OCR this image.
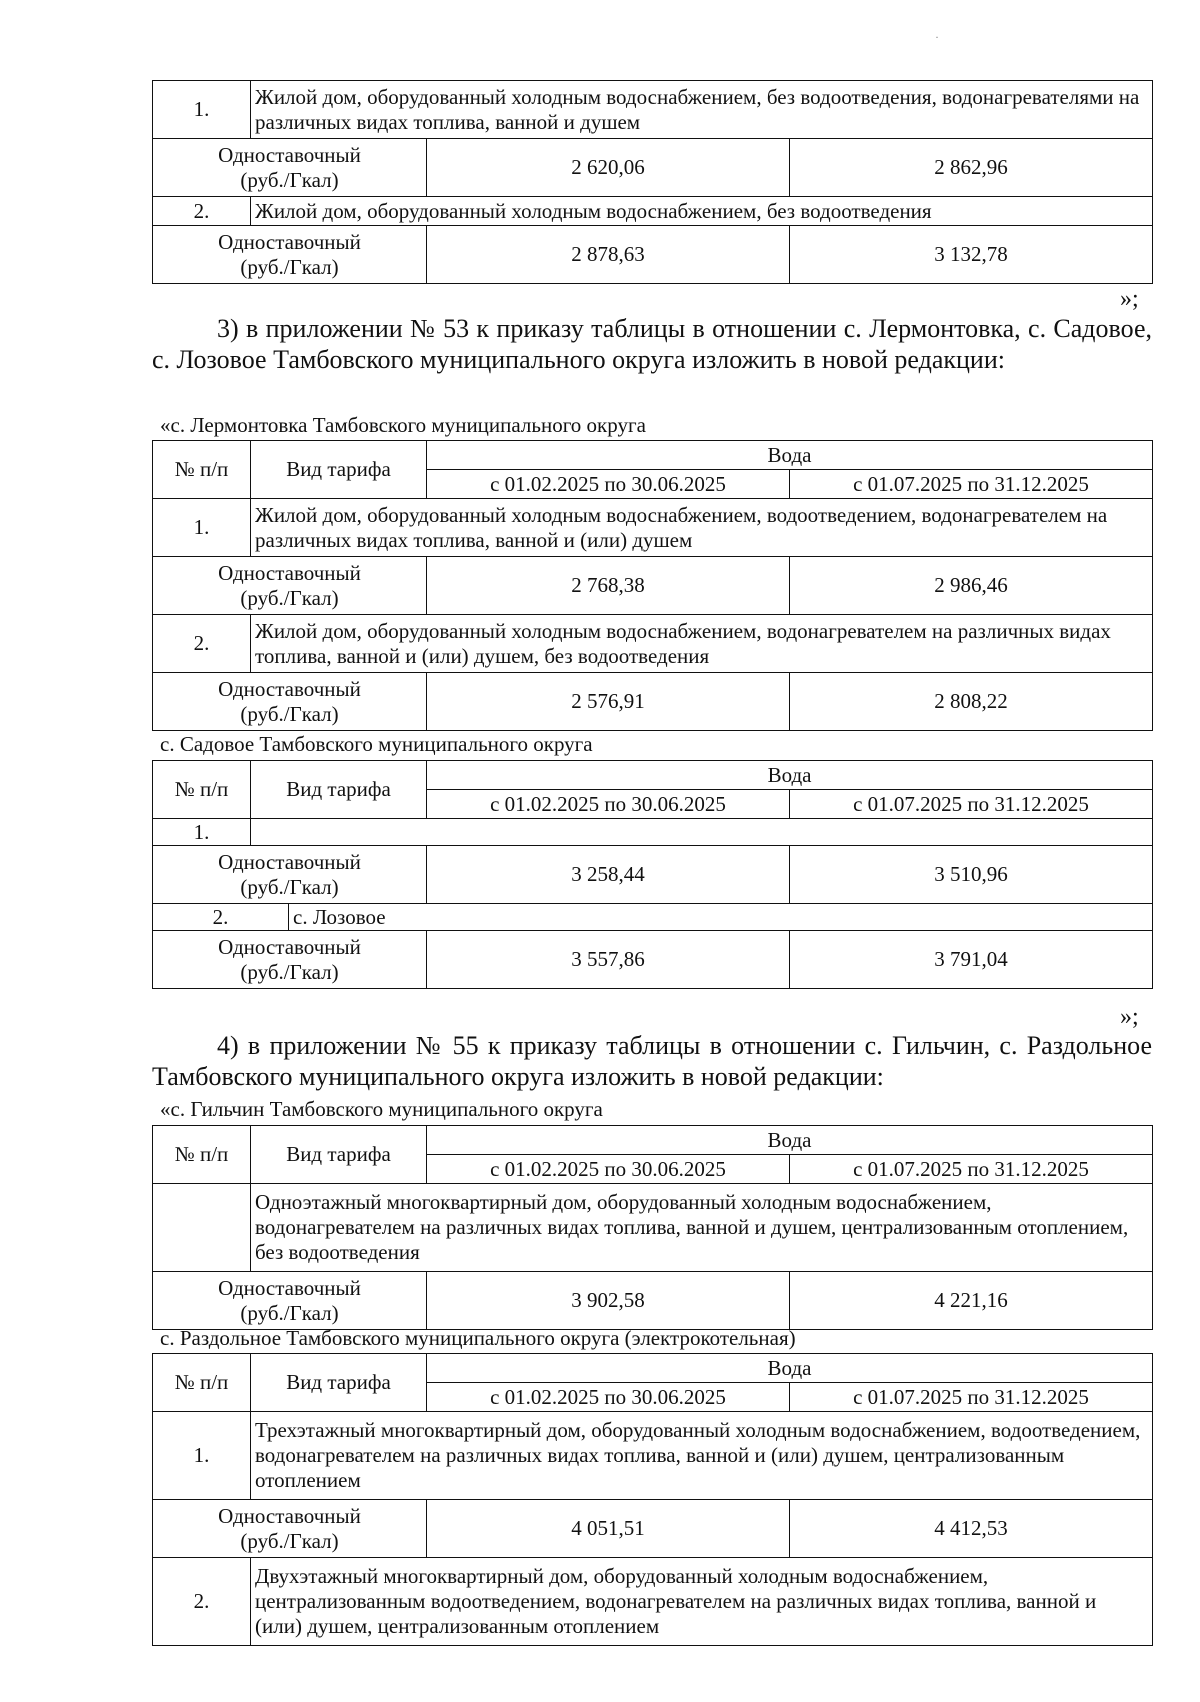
·
1.	Жилой дом, оборудованный холодным водоснабжением, без водоотведения, водонагревателями на различных видах топлива, ванной и душем		

Одноставочный
(руб./Гкал)		2 620,06	2 862,96
2.	Жилой дом, оборудованный холодным водоснабжением, без водоотведения		

Одноставочный
(руб./Гкал)		2 878,63	3 132,78

»;

3) в приложении № 53 к приказу таблицы в отношении с. Лермонтовка, с. Садовое, с. Лозовое Тамбовского муниципального округа изложить в новой редакции:

«с. Лермонтовка Тамбовского муниципального округа

№ п/п	Вид тарифа	Вода	
		с 01.02.2025 по 30.06.2025	с 01.07.2025 по 31.12.2025
1.	Жилой дом, оборудованный холодным водоснабжением, водоотведением, водонагревателем на различных видах топлива, ванной и (или) душем		

Одноставочный
(руб./Гкал)		2 768,38	2 986,46
2.	Жилой дом, оборудованный холодным водоснабжением, водонагревателем на различных видах топлива, ванной и (или) душем, без водоотведения		

Одноставочный
(руб./Гкал)		2 576,91	2 808,22

с. Садовое Тамбовского муниципального округа

№ п/п	Вид тарифа		Вода	
			с 01.02.2025 по 30.06.2025	с 01.07.2025 по 31.12.2025
1.				

Одноставочный
(руб./Гкал)			3 258,44	3 510,96
2.		с. Лозовое		

Одноставочный
(руб./Гкал)			3 557,86	3 791,04

»;

4) в приложении № 55 к приказу таблицы в отношении с. Гильчин, с. Раздольное Тамбовского муниципального округа изложить в новой редакции:

«с. Гильчин Тамбовского муниципального округа

№ п/п	Вид тарифа	Вода	
		с 01.02.2025 по 30.06.2025	с 01.07.2025 по 31.12.2025
	Одноэтажный многоквартирный дом, оборудованный холодным водоснабжением, водонагревателем на различных видах топлива, ванной и душем, централизованным отоплением, без водоотведения		

Одноставочный
(руб./Гкал)		3 902,58	4 221,16

с. Раздольное Тамбовского муниципального округа (электрокотельная)

№ п/п	Вид тарифа	Вода	
		с 01.02.2025 по 30.06.2025	с 01.07.2025 по 31.12.2025
1.	Трехэтажный многоквартирный дом, оборудованный холодным водоснабжением, водоотведением, водонагревателем на различных видах топлива, ванной и (или) душем, централизованным отоплением		

Одноставочный
(руб./Гкал)		4 051,51	4 412,53
2.	Двухэтажный многоквартирный дом, оборудованный холодным водоснабжением, централизованным водоотведением, водонагревателем на различных видах топлива, ванной и (или) душем, централизованным отоплением		
